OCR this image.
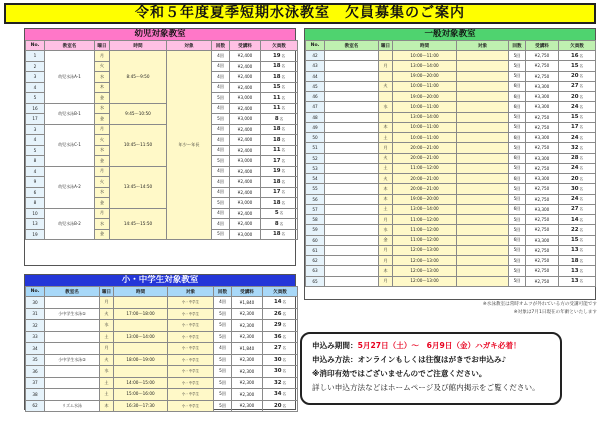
令和５年度夏季短期水泳教室　欠員募集のご案内
幼児対象教室
No.	教室名	曜日	時間	対象	回数	受講料	欠員数
1	幼児水泳A-1	月	8:45～9:50	年少～年長	4回	¥2,400	19名
2		火			4回	¥2,400	18名
3		水			4回	¥2,400	18名
4		木			4回	¥2,400	15名
5		金			5回	¥3,000	11名
16	幼児水泳B-1	水	9:45～10:50		4回	¥2,400	11名
17		金			5回	¥3,000	8名
3	幼児水泳C-1	月	10:45～11:50		4回	¥2,400	18名
4		火			4回	¥2,400	18名
5		水			4回	¥2,400	11名
8		金			5回	¥3,000	17名
4	幼児水泳A-2	月	13:45～14:50		4回	¥2,400	19名
9		火			4回	¥2,400	18名
6		水			4回	¥2,400	17名
8		金			5回	¥3,000	18名
10	幼児水泳B-2	月	14:45～15:50		4回	¥2,400	5名
13		水			4回	¥2,400	8名
19		金			5回	¥3,000	18名
一般対象教室
No.	教室名	曜日	時間	対象	回数	受講料	欠員数
42			10:00～11:00		5回	¥2,750	16名
43		月	13:00～14:00		5回	¥2,750	15名
44			19:00～20:00		5回	¥2,750	20名
45		火	10:00～11:00		6回	¥3,300	27名
46			19:00～20:00		6回	¥3,300	20名
47		水	10:00～11:00		6回	¥3,300	24名
48			13:00～14:00		5回	¥2,750	15名
49		木	10:00～11:00		5回	¥2,750	17名
50		土	10:00～11:00		6回	¥3,300	24名
51		月	20:00～21:00		5回	¥2,750	32名
52		火	20:00～21:00		6回	¥3,300	28名
53		土	11:00～12:00		5回	¥2,750	24名
54		火	20:00～21:00		6回	¥3,300	20名
55		木	20:00～21:00		5回	¥2,750	30名
56		木	19:00～20:00		5回	¥2,750	24名
57		土	13:00～14:00		6回	¥3,300	27名
58		月	11:00～12:00		5回	¥2,750	14名
59		水	11:00～12:00		5回	¥2,750	22名
60		金	11:00～12:00		6回	¥3,300	15名
61		月	12:00～13:00		5回	¥2,750	13名
62		月	12:00～13:00		5回	¥2,750	18名
63		木	12:00～13:00		5回	¥2,750	13名
65		月	12:00～13:00		5回	¥2,750	13名
※水泳教室は常時オムツが外れている方の受講可能です
※対象は7月1日現在の年齢といたします
小・中学生対象教室
No.	教室名	曜日	時間	対象	回数	受講料	欠員数
30		月		小・中学生	4回	¥1,840	14名
31	小中学生水泳①	火	17:00～18:00	小・中学生	5回	¥2,300	26名
32		水		小・中学生	5回	¥2,300	29名
33		土	13:00～14:00	小・中学生	5回	¥2,300	36名
34		月		小・中学生	4回	¥1,840	27名
35	小中学生水泳②	火	18:00～19:00	小・中学生	5回	¥2,300	30名
36		水		小・中学生	5回	¥2,300	30名
37		土	14:00～15:00	小・中学生	5回	¥2,300	32名
38		土	15:00～16:00	小・中学生	5回	¥2,300	34名
62	リズム水泳	木	16:30～17:30	小・中学生	5回	¥2,300	20名
申込み期間：5月27日（土）～　6月9日（金）ハガキ必着！
申込み方法：オンラインもしくは往復はがきでお申込み♪
※消印有効ではございませんのでご注意ください。
詳しい申込方法などはホームページ及び館内掲示をご覧ください。
